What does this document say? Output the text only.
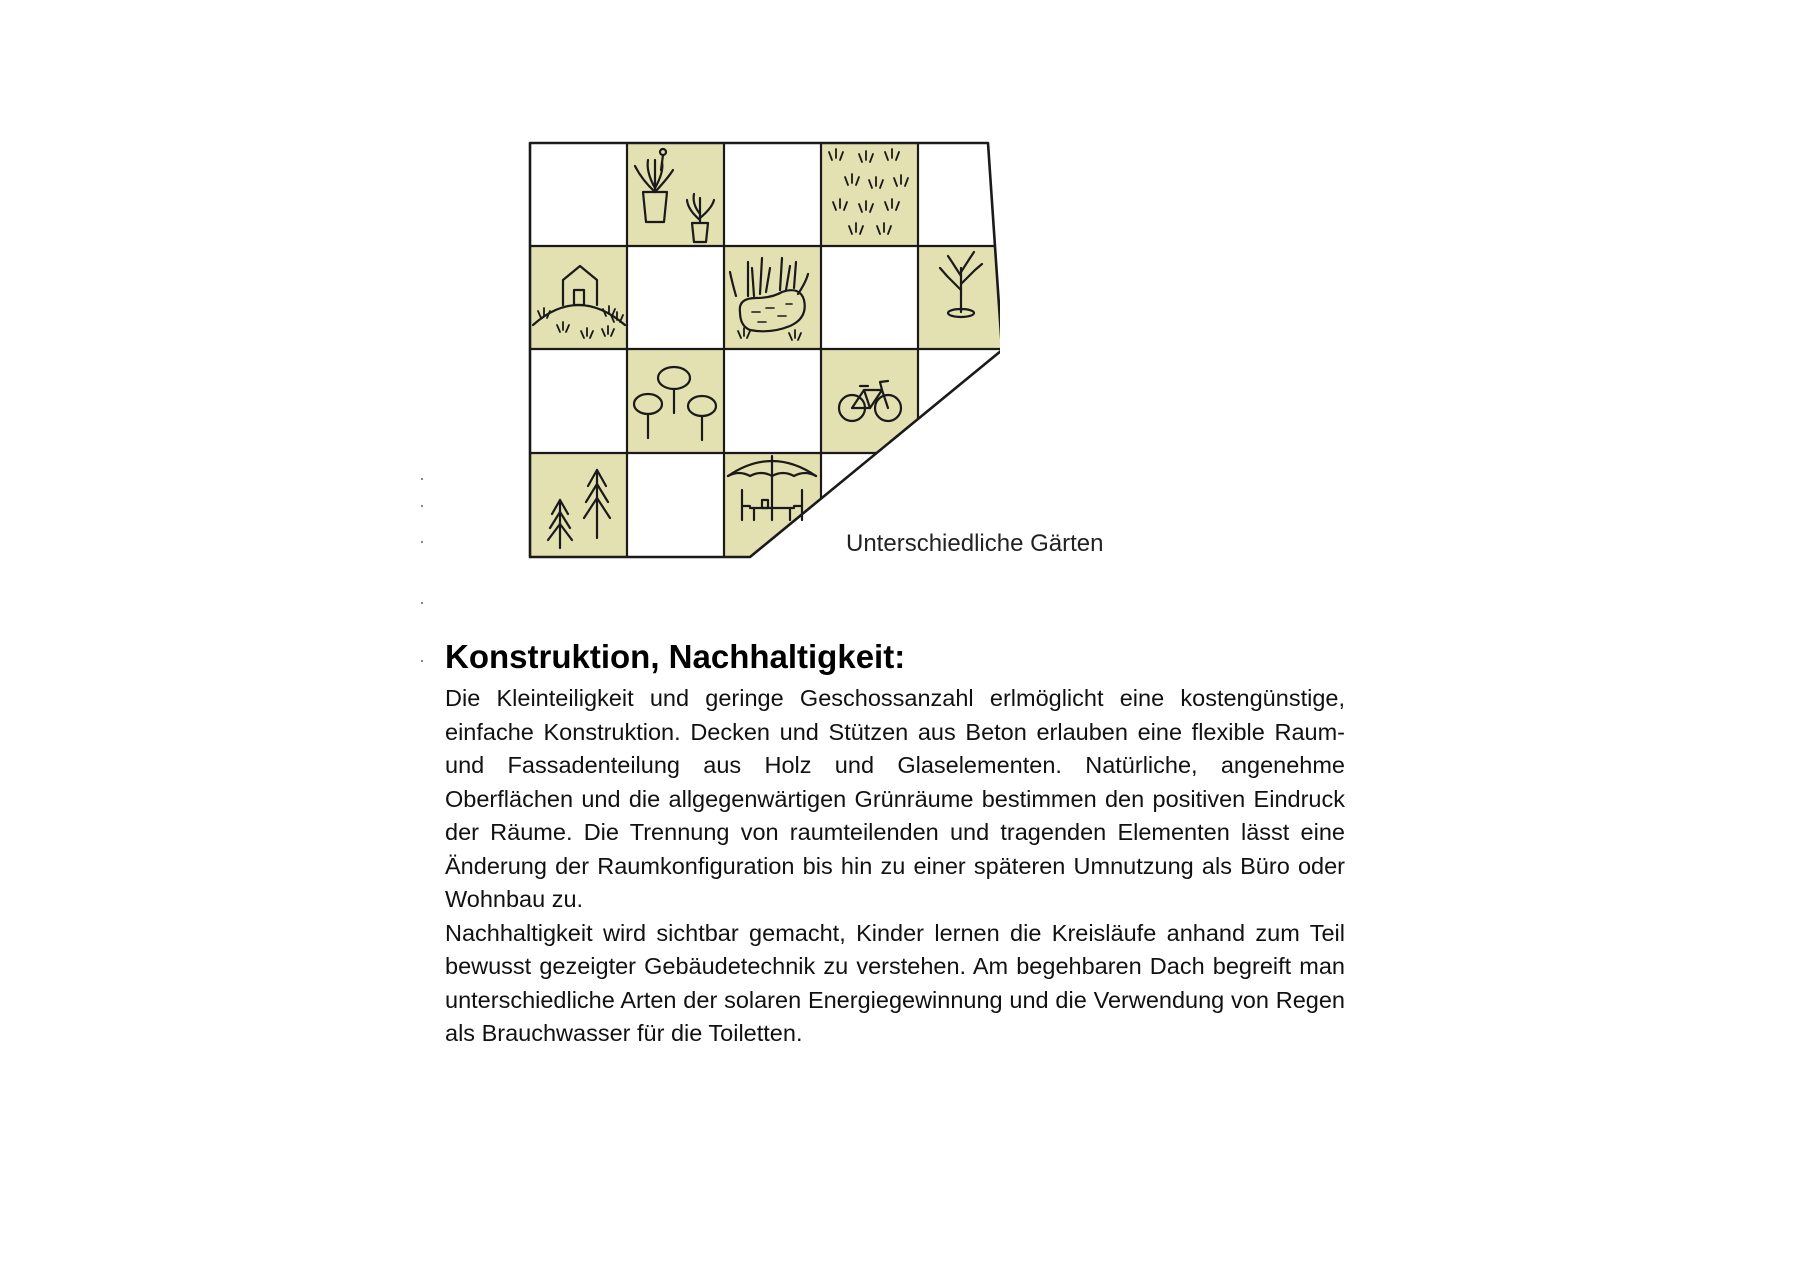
Unterschiedliche Gärten
Konstruktion, Nachhaltigkeit:

Die Kleinteiligkeit und geringe Geschossanzahl erlmöglicht eine kostengünstige, einfache Konstruktion. Decken und Stützen aus Beton erlauben eine flexible Raum- und Fassadenteilung aus Holz und Glaselementen. Natürliche, angenehme Oberflächen und die allgegenwärtigen Grünräume bestimmen den positiven Eindruck der Räume. Die Trennung von raumteilenden und tragenden Elementen lässt eine Änderung der Raumkonfiguration bis hin zu einer späteren Umnutzung als Büro oder Wohnbau zu.

Nachhaltigkeit wird sichtbar gemacht, Kinder lernen die Kreisläufe anhand zum Teil bewusst gezeigter Gebäudetechnik zu verstehen. Am begehbaren Dach begreift man unterschiedliche Arten der solaren Energiegewinnung und die Verwendung von Regen als Brauchwasser für die Toiletten.
